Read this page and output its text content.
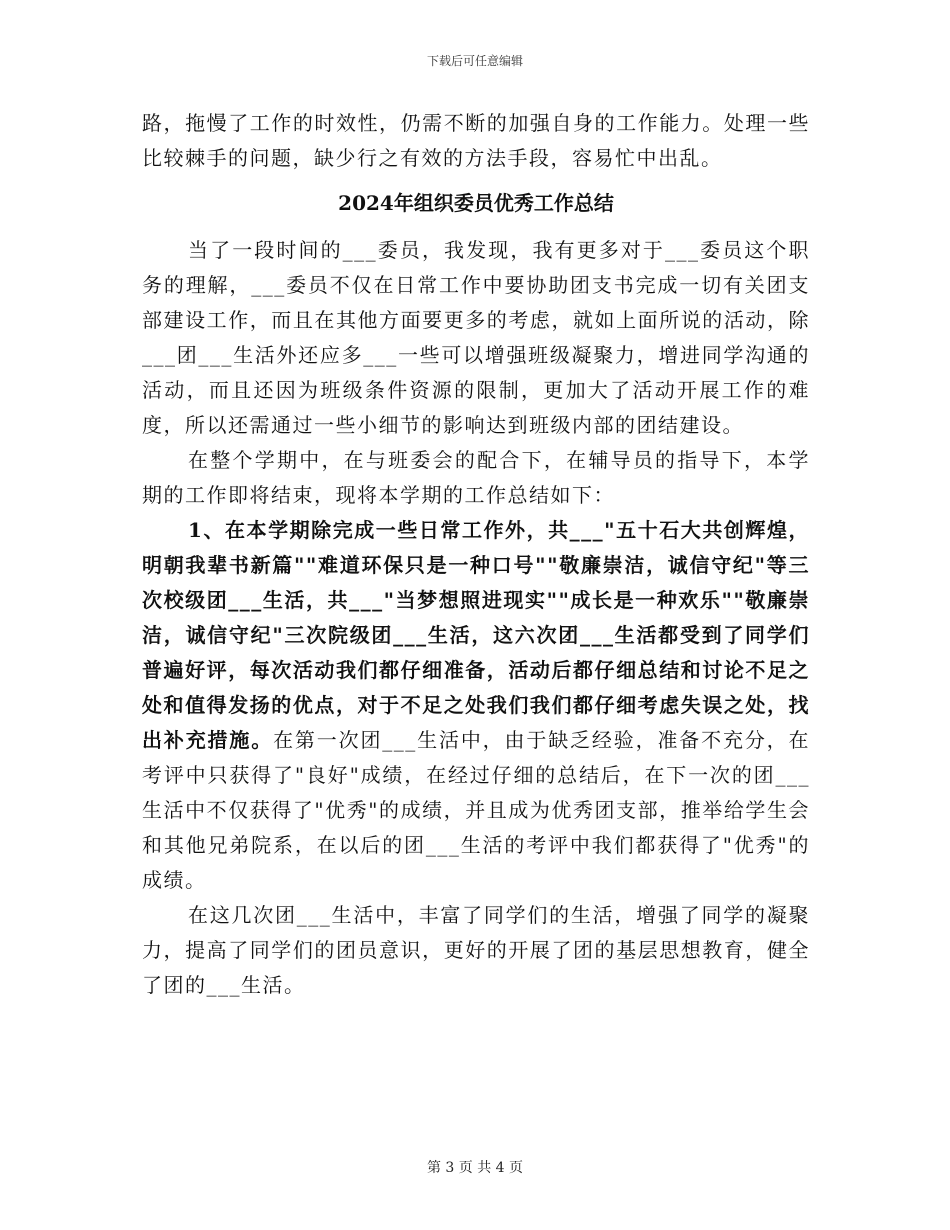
下载后可任意编辑

路，拖慢了工作的时效性，仍需不断的加强自身的工作能力。处理一些比较棘手的问题，缺少行之有效的方法手段，容易忙中出乱。

2024年组织委员优秀工作总结

当了一段时间的___委员，我发现，我有更多对于___委员这个职务的理解，___委员不仅在日常工作中要协助团支书完成一切有关团支部建设工作，而且在其他方面要更多的考虑，就如上面所说的活动，除___团___生活外还应多___一些可以增强班级凝聚力，增进同学沟通的活动，而且还因为班级条件资源的限制，更加大了活动开展工作的难度，所以还需通过一些小细节的影响达到班级内部的团结建设。

在整个学期中，在与班委会的配合下，在辅导员的指导下，本学期的工作即将结束，现将本学期的工作总结如下：

1、在本学期除完成一些日常工作外，共___"五十石大共创辉煌，明朝我辈书新篇""难道环保只是一种口号""敬廉崇洁，诚信守纪"等三次校级团___生活，共___"当梦想照进现实""成长是一种欢乐""敬廉崇洁，诚信守纪"三次院级团___生活，这六次团___生活都受到了同学们普遍好评，每次活动我们都仔细准备，活动后都仔细总结和讨论不足之处和值得发扬的优点，对于不足之处我们我们都仔细考虑失误之处，找出补充措施。在第一次团___生活中，由于缺乏经验，准备不充分，在考评中只获得了"良好"成绩，在经过仔细的总结后，在下一次的团___生活中不仅获得了"优秀"的成绩，并且成为优秀团支部，推举给学生会和其他兄弟院系，在以后的团___生活的考评中我们都获得了"优秀"的成绩。

在这几次团___生活中，丰富了同学们的生活，增强了同学的凝聚力，提高了同学们的团员意识，更好的开展了团的基层思想教育，健全了团的___生活。

第 3 页 共 4 页
